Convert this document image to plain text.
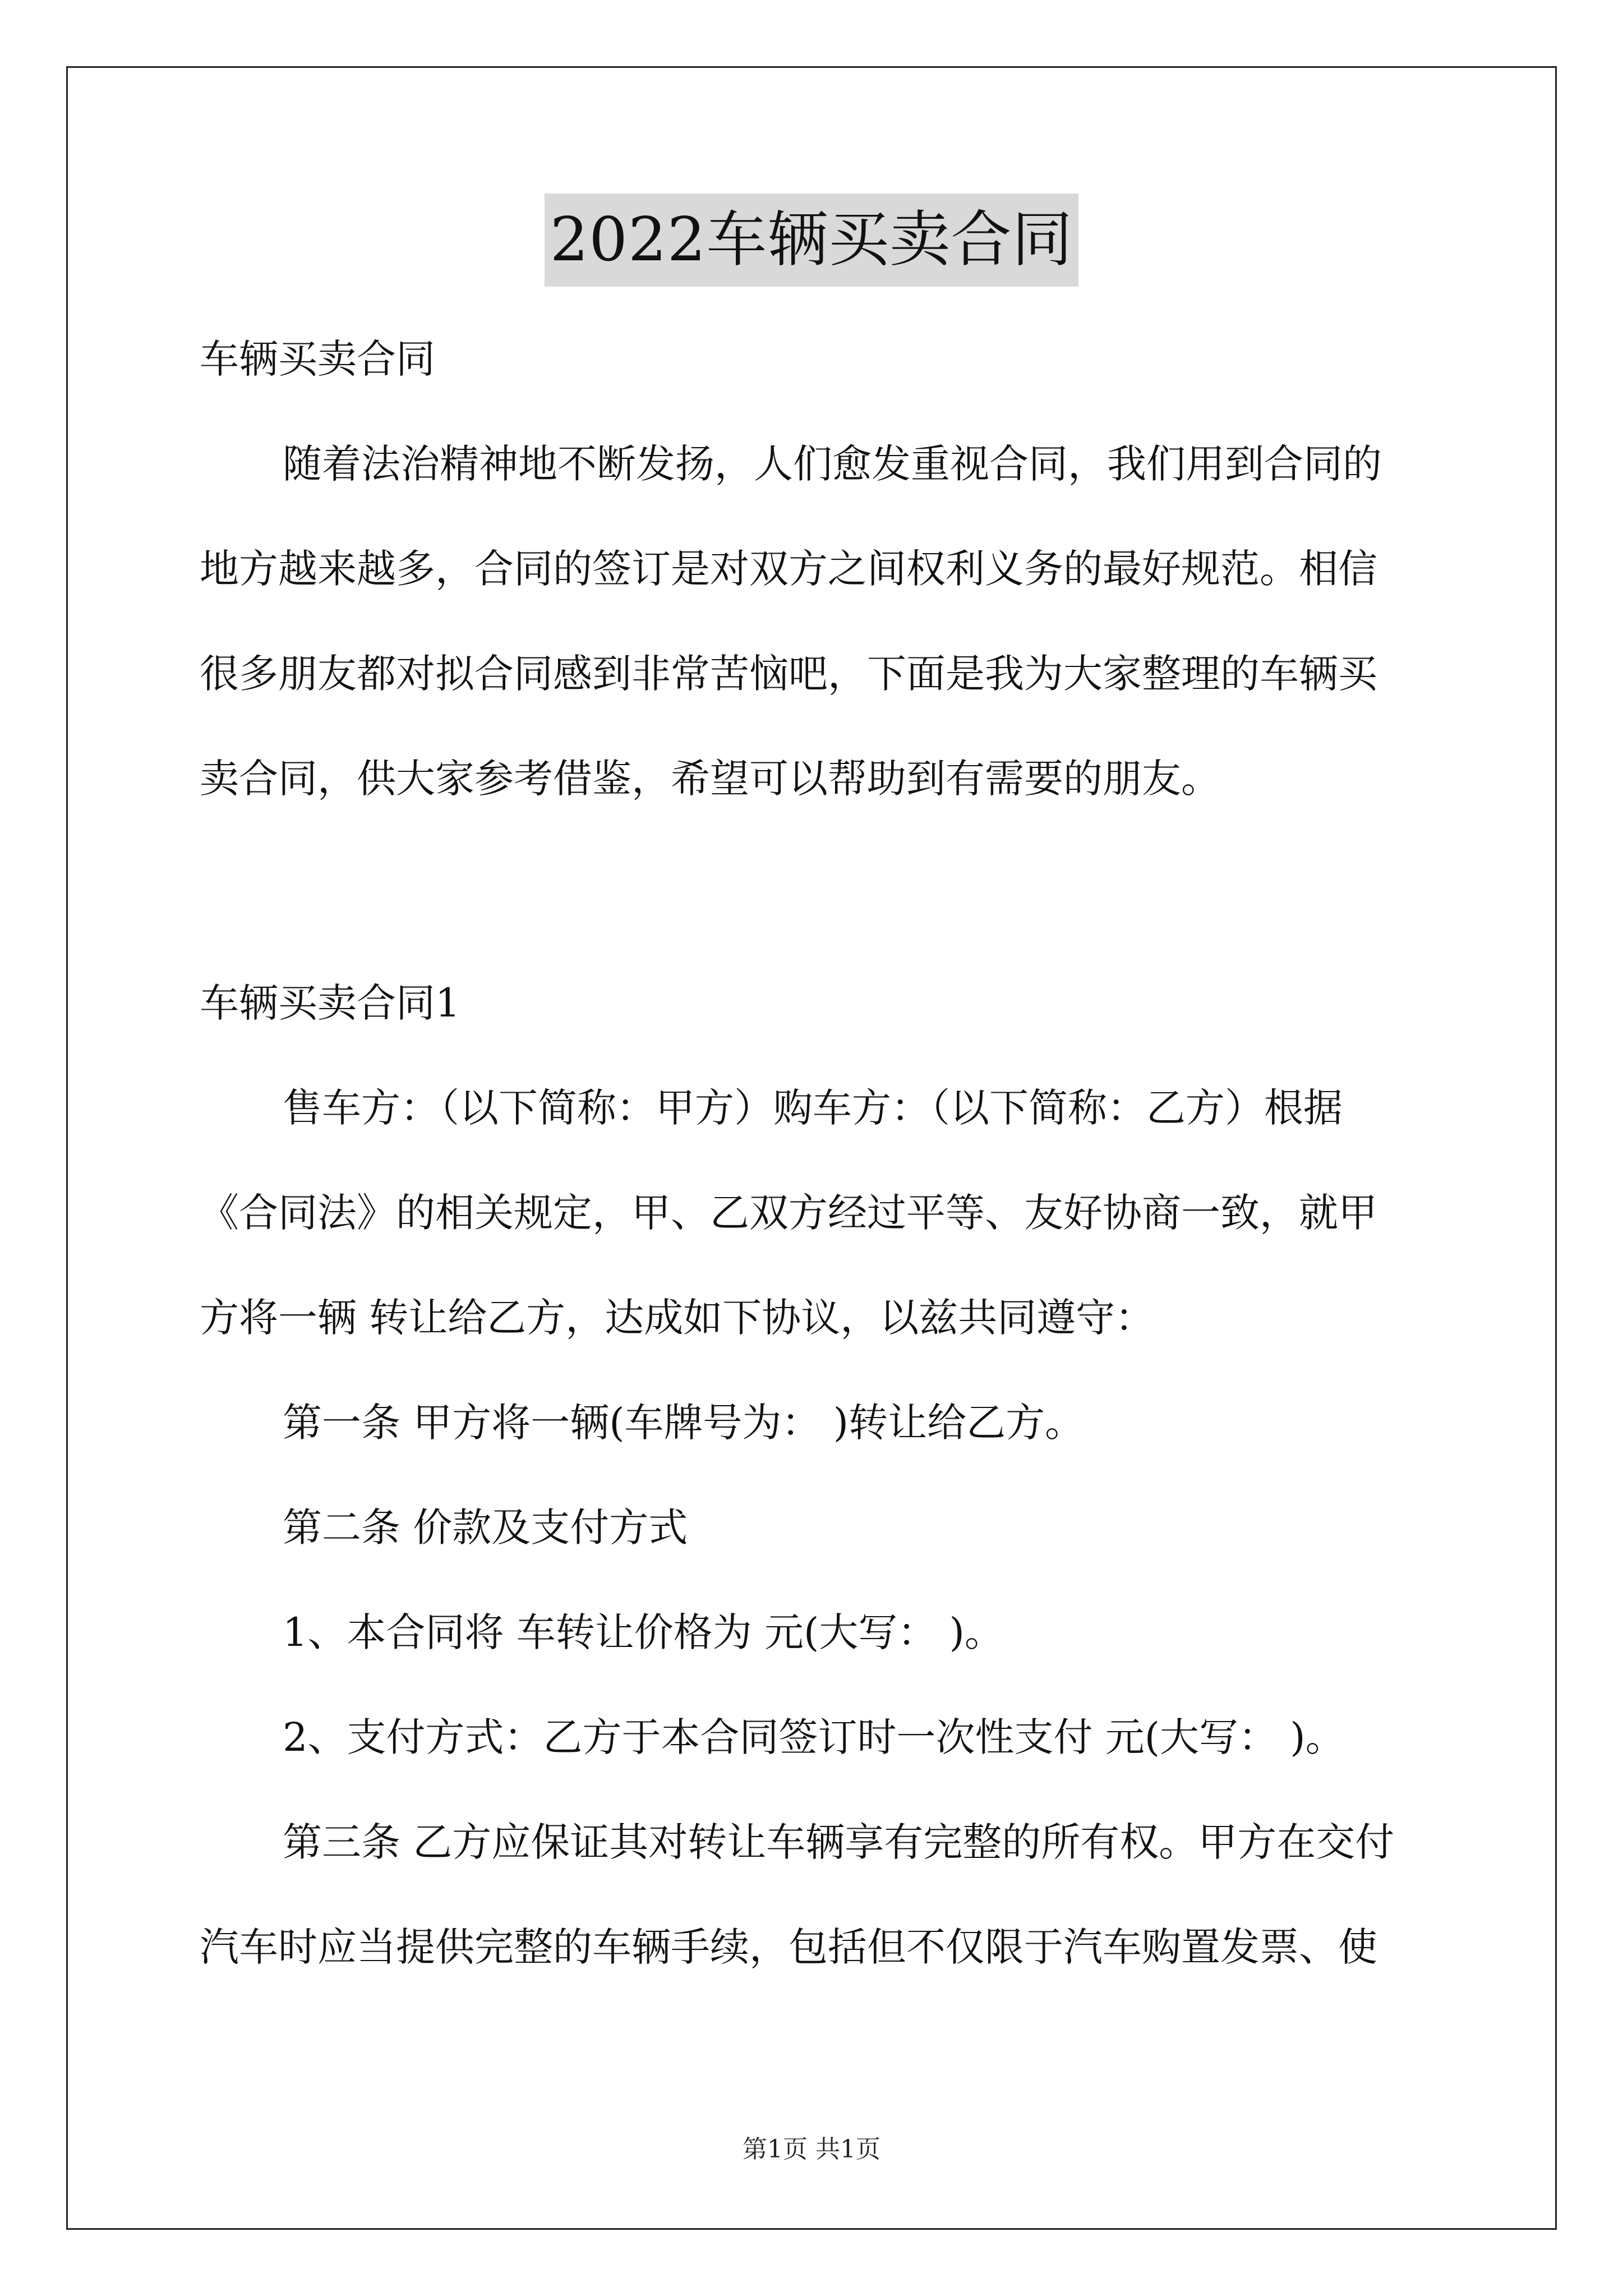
2022车辆买卖合同
车辆买卖合同
随着法治精神地不断发扬，人们愈发重视合同，我们用到合同的
地方越来越多，合同的签订是对双方之间权利义务的最好规范。相信
很多朋友都对拟合同感到非常苦恼吧，下面是我为大家整理的车辆买
卖合同，供大家参考借鉴，希望可以帮助到有需要的朋友。
车辆买卖合同1
售车方：（以下简称：甲方）购车方：（以下简称：乙方）根据
《合同法》的相关规定，甲、乙双方经过平等、友好协商一致，就甲
方将一辆 转让给乙方，达成如下协议，以兹共同遵守：
第一条 甲方将一辆(车牌号为： )转让给乙方。
第二条 价款及支付方式
1、本合同将 车转让价格为 元(大写： )。
2、支付方式：乙方于本合同签订时一次性支付 元(大写： )。
第三条 乙方应保证其对转让车辆享有完整的所有权。甲方在交付
汽车时应当提供完整的车辆手续，包括但不仅限于汽车购置发票、使
第1页 共1页
